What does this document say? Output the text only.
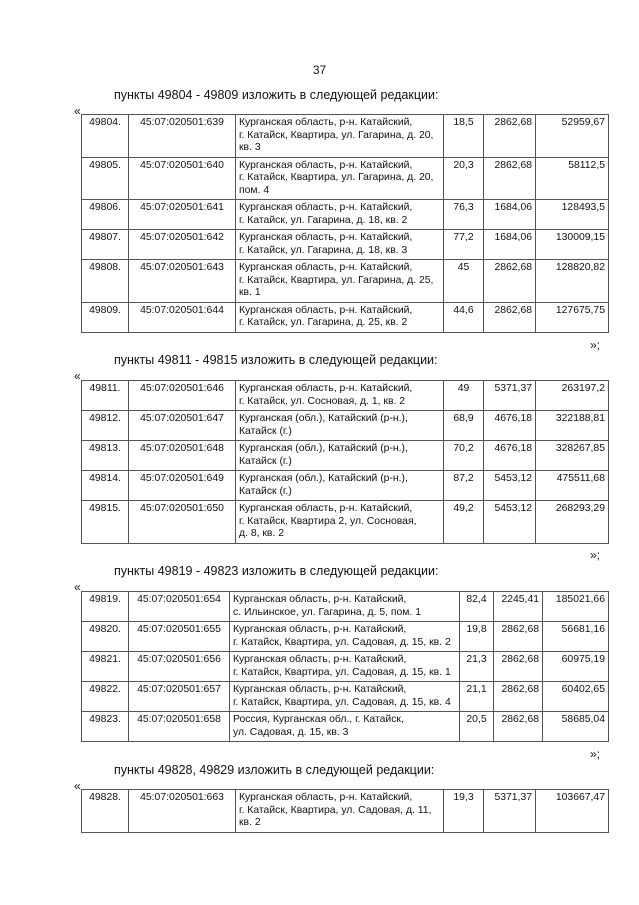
37
пункты 49804 - 49809 изложить в следующей редакции:
«
49804.	45:07:020501:639	Курганская область, р-н. Катайский,
г. Катайск, Квартира, ул. Гагарина, д. 20,
кв. 3	18,5	2862,68	52959,67
49805.	45:07:020501:640	Курганская область, р-н. Катайский,
г. Катайск, Квартира, ул. Гагарина, д. 20,
пом. 4	20,3	2862,68	58112,5
49806.	45:07:020501:641	Курганская область, р-н. Катайский,
г. Катайск, ул. Гагарина, д. 18, кв. 2	76,3	1684,06	128493,5
49807.	45:07:020501:642	Курганская область, р-н. Катайский,
г. Катайск, ул. Гагарина, д. 18, кв. 3	77,2	1684,06	130009,15
49808.	45:07:020501:643	Курганская область, р-н. Катайский,
г. Катайск, Квартира, ул. Гагарина, д. 25,
кв. 1	45	2862,68	128820,82
49809.	45:07:020501:644	Курганская область, р-н. Катайский,
г. Катайск, ул. Гагарина, д. 25, кв. 2	44,6	2862,68	127675,75
»;
пункты 49811 - 49815 изложить в следующей редакции:
«
49811.	45:07:020501:646	Курганская область, р-н. Катайский,
г. Катайск, ул. Сосновая, д. 1, кв. 2	49	5371,37	263197,2
49812.	45:07:020501:647	Курганская (обл.), Катайский (р-н.),
Катайск (г.)	68,9	4676,18	322188,81
49813.	45:07:020501:648	Курганская (обл.), Катайский (р-н.),
Катайск (г.)	70,2	4676,18	328267,85
49814.	45:07:020501:649	Курганская (обл.), Катайский (р-н.),
Катайск (г.)	87,2	5453,12	475511,68
49815.	45:07:020501:650	Курганская область, р-н. Катайский,
г. Катайск, Квартира 2, ул. Сосновая,
д. 8, кв. 2	49,2	5453,12	268293,29
»;
пункты 49819 - 49823 изложить в следующей редакции:
«
49819.	45:07:020501:654	Курганская область, р-н. Катайский,
с. Ильинское, ул. Гагарина, д. 5, пом. 1	82,4	2245,41	185021,66
49820.	45:07:020501:655	Курганская область, р-н. Катайский,
г. Катайск, Квартира, ул. Садовая, д. 15, кв. 2	19,8	2862,68	56681,16
49821.	45:07:020501:656	Курганская область, р-н. Катайский,
г. Катайск, Квартира, ул. Садовая, д. 15, кв. 1	21,3	2862,68	60975,19
49822.	45:07:020501:657	Курганская область, р-н. Катайский,
г. Катайск, Квартира, ул. Садовая, д. 15, кв. 4	21,1	2862,68	60402,65
49823.	45:07:020501:658	Россия, Курганская обл., г. Катайск,
ул. Садовая, д. 15, кв. 3	20,5	2862,68	58685,04
»;
пункты 49828, 49829 изложить в следующей редакции:
«
49828.	45:07:020501:663	Курганская область, р-н. Катайский,
г. Катайск, Квартира, ул. Садовая, д. 11,
кв. 2
	19,3	5371,37	103667,47
